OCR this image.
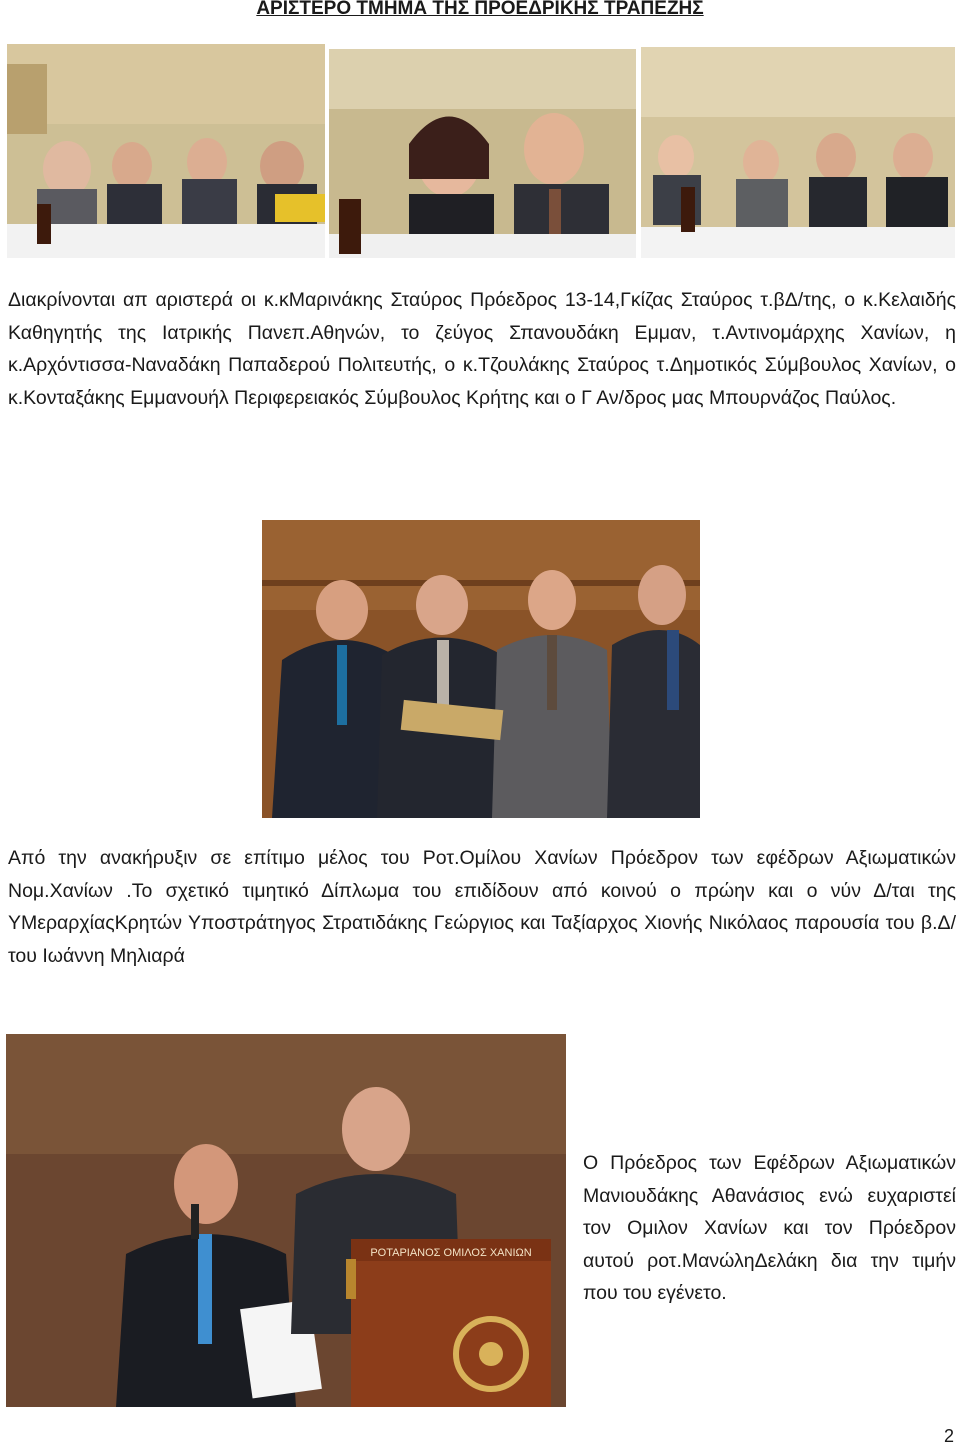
ΑΡΙΣΤΕΡΟ ΤΜΗΜΑ ΤΗΣ ΠΡΟΕΔΡΙΚΗΣ ΤΡΑΠΕΖΗΣ
Διακρίνονται απ αριστερά οι κ.κΜαρινάκης Σταύρος Πρόεδρος 13-14,Γκίζας Σταύρος τ.βΔ/της, ο κ.Κελαιδής Καθηγητής της Ιατρικής Πανεπ.Αθηνών, το ζεύγος Σπανουδάκη Εμμαν, τ.Αντινομάρχης Χανίων, η κ.Αρχόντισσα-Ναναδάκη Παπαδερού Πολιτευτής, ο κ.Τζουλάκης Σταύρος τ.Δημοτικός Σύμβουλος Χανίων, ο κ.Κονταξάκης Εμμανουήλ Περιφερειακός Σύμβουλος Κρήτης και ο Γ Αν/δρος μας Μπουρνάζος Παύλος.
Από την ανακήρυξιν σε επίτιμο μέλος του Ροτ.Ομίλου Χανίων Πρόεδρον των εφέδρων Αξιωματικών Νομ.Χανίων .Το σχετικό τιμητικό Δίπλωμα του επιδίδουν από κοινού ο πρώην και ο νύν Δ/ται της ΥΜεραρχίαςΚρητών Υποστράτηγος Στρατιδάκης Γεώργιος και Ταξίαρχος Χιονής Νικόλαος παρουσία του β.Δ/του Ιωάννη Μηλιαρά
ΡΟΤΑΡΙΑΝΟΣ ΟΜΙΛΟΣ ΧΑΝΙΩΝ
Ο Πρόεδρος των Εφέδρων Αξιωματικών Μανιουδάκης Αθανάσιος ενώ ευχαριστεί τον Ομιλον Χανίων και τον Πρόεδρον αυτού ροτ.ΜανώληΔελάκη δια την τιμήν που του εγένετο.
2
